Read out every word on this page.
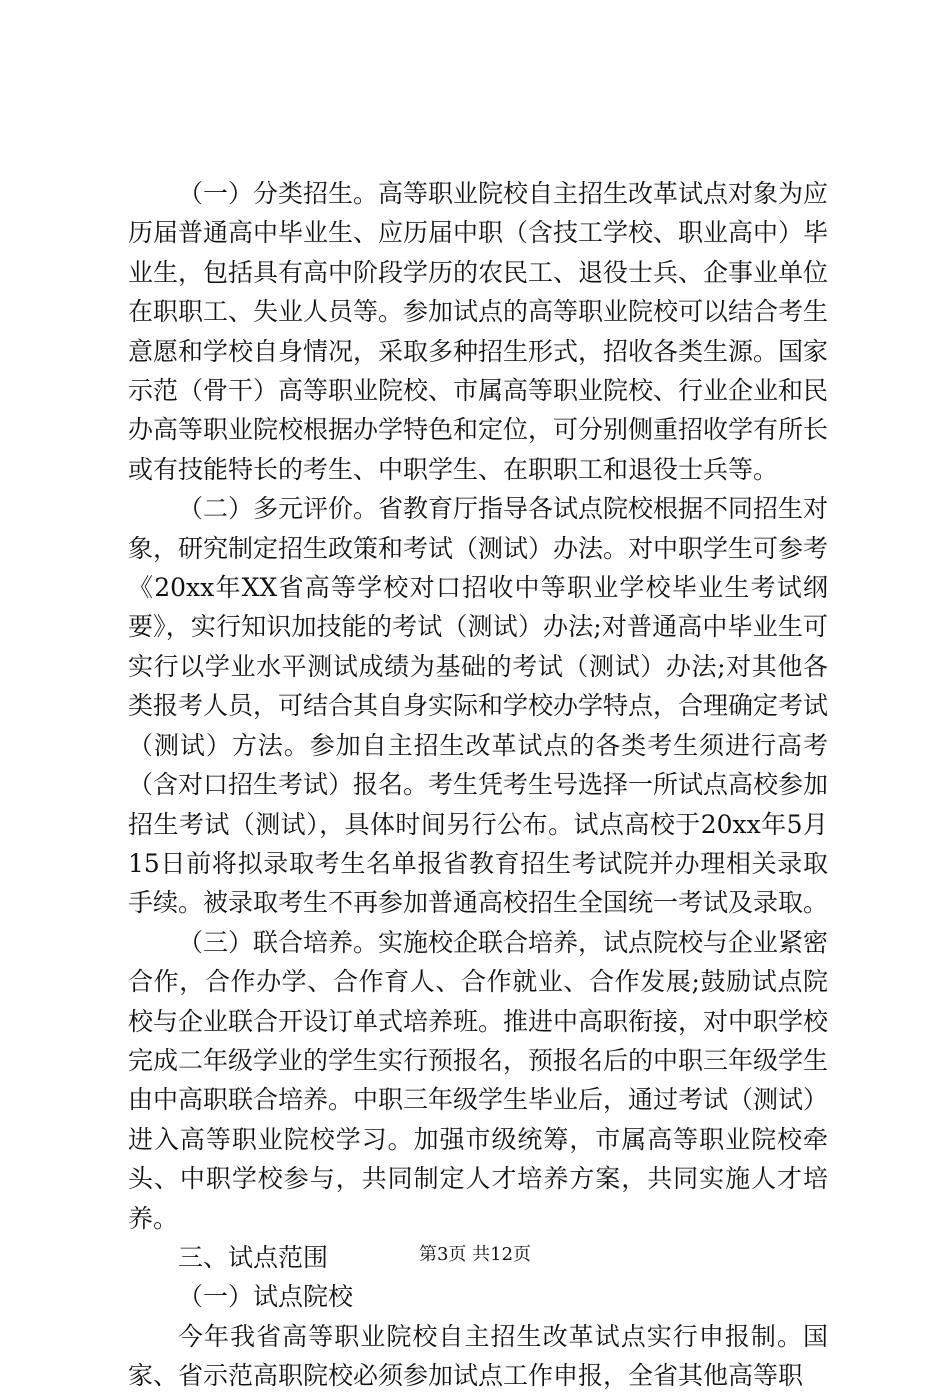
（一）分类招生。高等职业院校自主招生改革试点对象为应历届普通高中毕业生、应历届中职（含技工学校、职业高中）毕业生，包括具有高中阶段学历的农民工、退役士兵、企事业单位在职职工、失业人员等。参加试点的高等职业院校可以结合考生意愿和学校自身情况，采取多种招生形式，招收各类生源。国家示范（骨干）高等职业院校、市属高等职业院校、行业企业和民办高等职业院校根据办学特色和定位，可分别侧重招收学有所长或有技能特长的考生、中职学生、在职职工和退役士兵等。

（二）多元评价。省教育厅指导各试点院校根据不同招生对象，研究制定招生政策和考试（测试）办法。对中职学生可参考《20xx年XX省高等学校对口招收中等职业学校毕业生考试纲要》，实行知识加技能的考试（测试）办法;对普通高中毕业生可实行以学业水平测试成绩为基础的考试（测试）办法;对其他各类报考人员，可结合其自身实际和学校办学特点，合理确定考试（测试）方法。参加自主招生改革试点的各类考生须进行高考（含对口招生考试）报名。考生凭考生号选择一所试点高校参加招生考试（测试），具体时间另行公布。试点高校于20xx年5月15日前将拟录取考生名单报省教育招生考试院并办理相关录取手续。被录取考生不再参加普通高校招生全国统一考试及录取。

（三）联合培养。实施校企联合培养，试点院校与企业紧密合作，合作办学、合作育人、合作就业、合作发展;鼓励试点院校与企业联合开设订单式培养班。推进中高职衔接，对中职学校完成二年级学业的学生实行预报名，预报名后的中职三年级学生由中高职联合培养。中职三年级学生毕业后，通过考试（测试）进入高等职业院校学习。加强市级统筹，市属高等职业院校牵头、中职学校参与，共同制定人才培养方案，共同实施人才培养。

三、试点范围

（一）试点院校

今年我省高等职业院校自主招生改革试点实行申报制。国家、省示范高职院校必须参加试点工作申报，全省其他高等职

第3页 共12页
